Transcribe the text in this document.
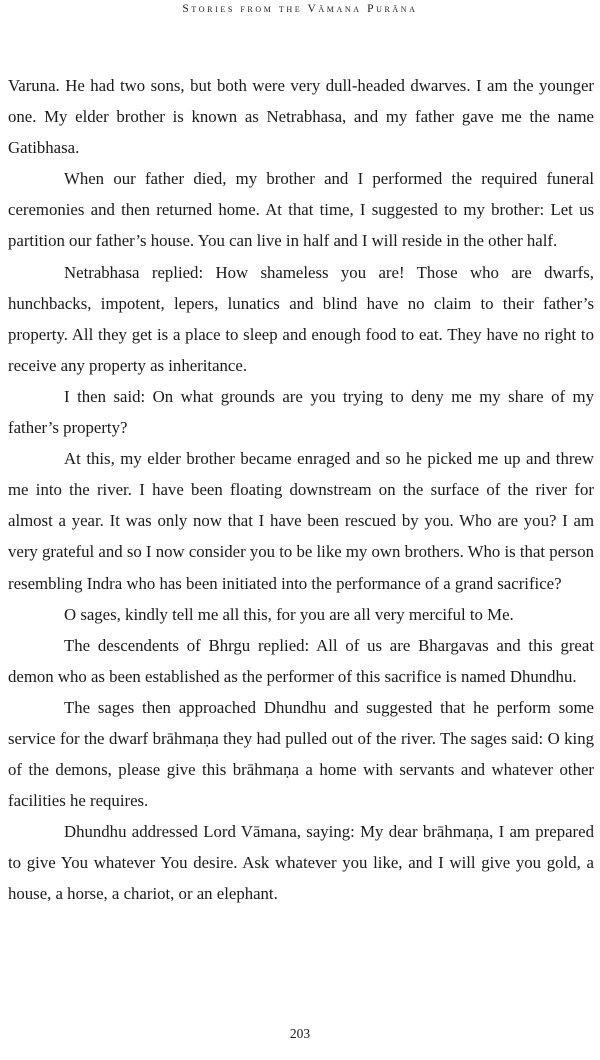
Stories from the Vāmana Purāna

Varuna. He had two sons, but both were very dull-headed dwarves. I am the younger one. My elder brother is known as Netrabhasa, and my father gave me the name Gatibhasa.

When our father died, my brother and I performed the required funeral ceremonies and then returned home. At that time, I suggested to my brother: Let us partition our father’s house. You can live in half and I will reside in the other half.

Netrabhasa replied: How shameless you are! Those who are dwarfs, hunchbacks, impotent, lepers, lunatics and blind have no claim to their father’s property. All they get is a place to sleep and enough food to eat. They have no right to receive any property as inheritance.

I then said: On what grounds are you trying to deny me my share of my father’s property?

At this, my elder brother became enraged and so he picked me up and threw me into the river. I have been floating downstream on the surface of the river for almost a year. It was only now that I have been rescued by you. Who are you? I am very grateful and so I now consider you to be like my own brothers. Who is that person resembling Indra who has been initiated into the performance of a grand sacrifice?

O sages, kindly tell me all this, for you are all very merciful to Me.

The descendents of Bhrgu replied: All of us are Bhargavas and this great demon who as been established as the performer of this sacrifice is named Dhundhu.

The sages then approached Dhundhu and suggested that he perform some service for the dwarf brāhmaṇa they had pulled out of the river. The sages said: O king of the demons, please give this brāhmaṇa a home with servants and whatever other facilities he requires.

Dhundhu addressed Lord Vāmana, saying: My dear brāhmaṇa, I am prepared to give You whatever You desire. Ask whatever you like, and I will give you gold, a house, a horse, a chariot, or an elephant.

203
